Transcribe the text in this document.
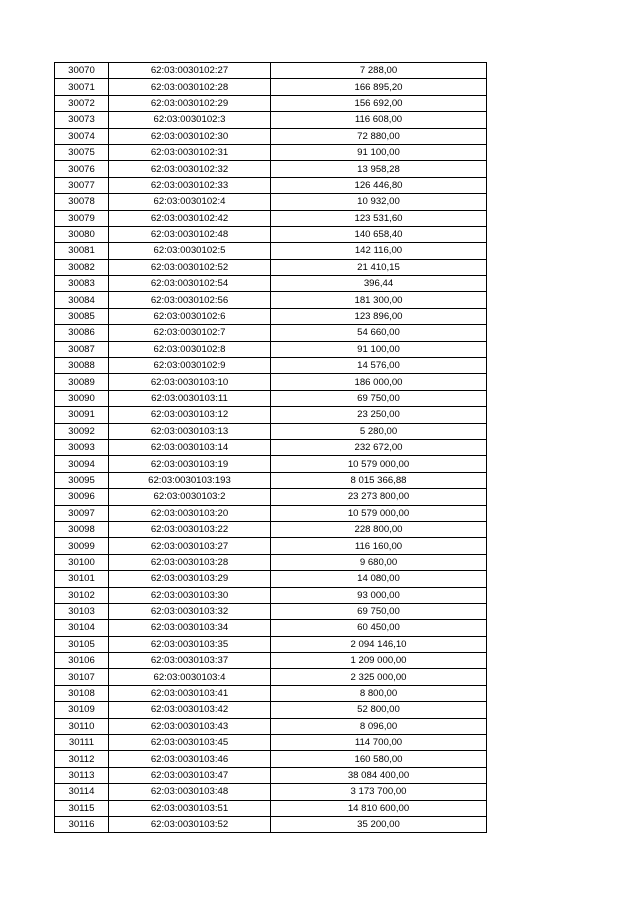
30070	62:03:0030102:27	7 288,00
30071	62:03:0030102:28	166 895,20
30072	62:03:0030102:29	156 692,00
30073	62:03:0030102:3	116 608,00
30074	62:03:0030102:30	72 880,00
30075	62:03:0030102:31	91 100,00
30076	62:03:0030102:32	13 958,28
30077	62:03:0030102:33	126 446,80
30078	62:03:0030102:4	10 932,00
30079	62:03:0030102:42	123 531,60
30080	62:03:0030102:48	140 658,40
30081	62:03:0030102:5	142 116,00
30082	62:03:0030102:52	21 410,15
30083	62:03:0030102:54	396,44
30084	62:03:0030102:56	181 300,00
30085	62:03:0030102:6	123 896,00
30086	62:03:0030102:7	54 660,00
30087	62:03:0030102:8	91 100,00
30088	62:03:0030102:9	14 576,00
30089	62:03:0030103:10	186 000,00
30090	62:03:0030103:11	69 750,00
30091	62:03:0030103:12	23 250,00
30092	62:03:0030103:13	5 280,00
30093	62:03:0030103:14	232 672,00
30094	62:03:0030103:19	10 579 000,00
30095	62:03:0030103:193	8 015 366,88
30096	62:03:0030103:2	23 273 800,00
30097	62:03:0030103:20	10 579 000,00
30098	62:03:0030103:22	228 800,00
30099	62:03:0030103:27	116 160,00
30100	62:03:0030103:28	9 680,00
30101	62:03:0030103:29	14 080,00
30102	62:03:0030103:30	93 000,00
30103	62:03:0030103:32	69 750,00
30104	62:03:0030103:34	60 450,00
30105	62:03:0030103:35	2 094 146,10
30106	62:03:0030103:37	1 209 000,00
30107	62:03:0030103:4	2 325 000,00
30108	62:03:0030103:41	8 800,00
30109	62:03:0030103:42	52 800,00
30110	62:03:0030103:43	8 096,00
30111	62:03:0030103:45	114 700,00
30112	62:03:0030103:46	160 580,00
30113	62:03:0030103:47	38 084 400,00
30114	62:03:0030103:48	3 173 700,00
30115	62:03:0030103:51	14 810 600,00
30116	62:03:0030103:52	35 200,00
